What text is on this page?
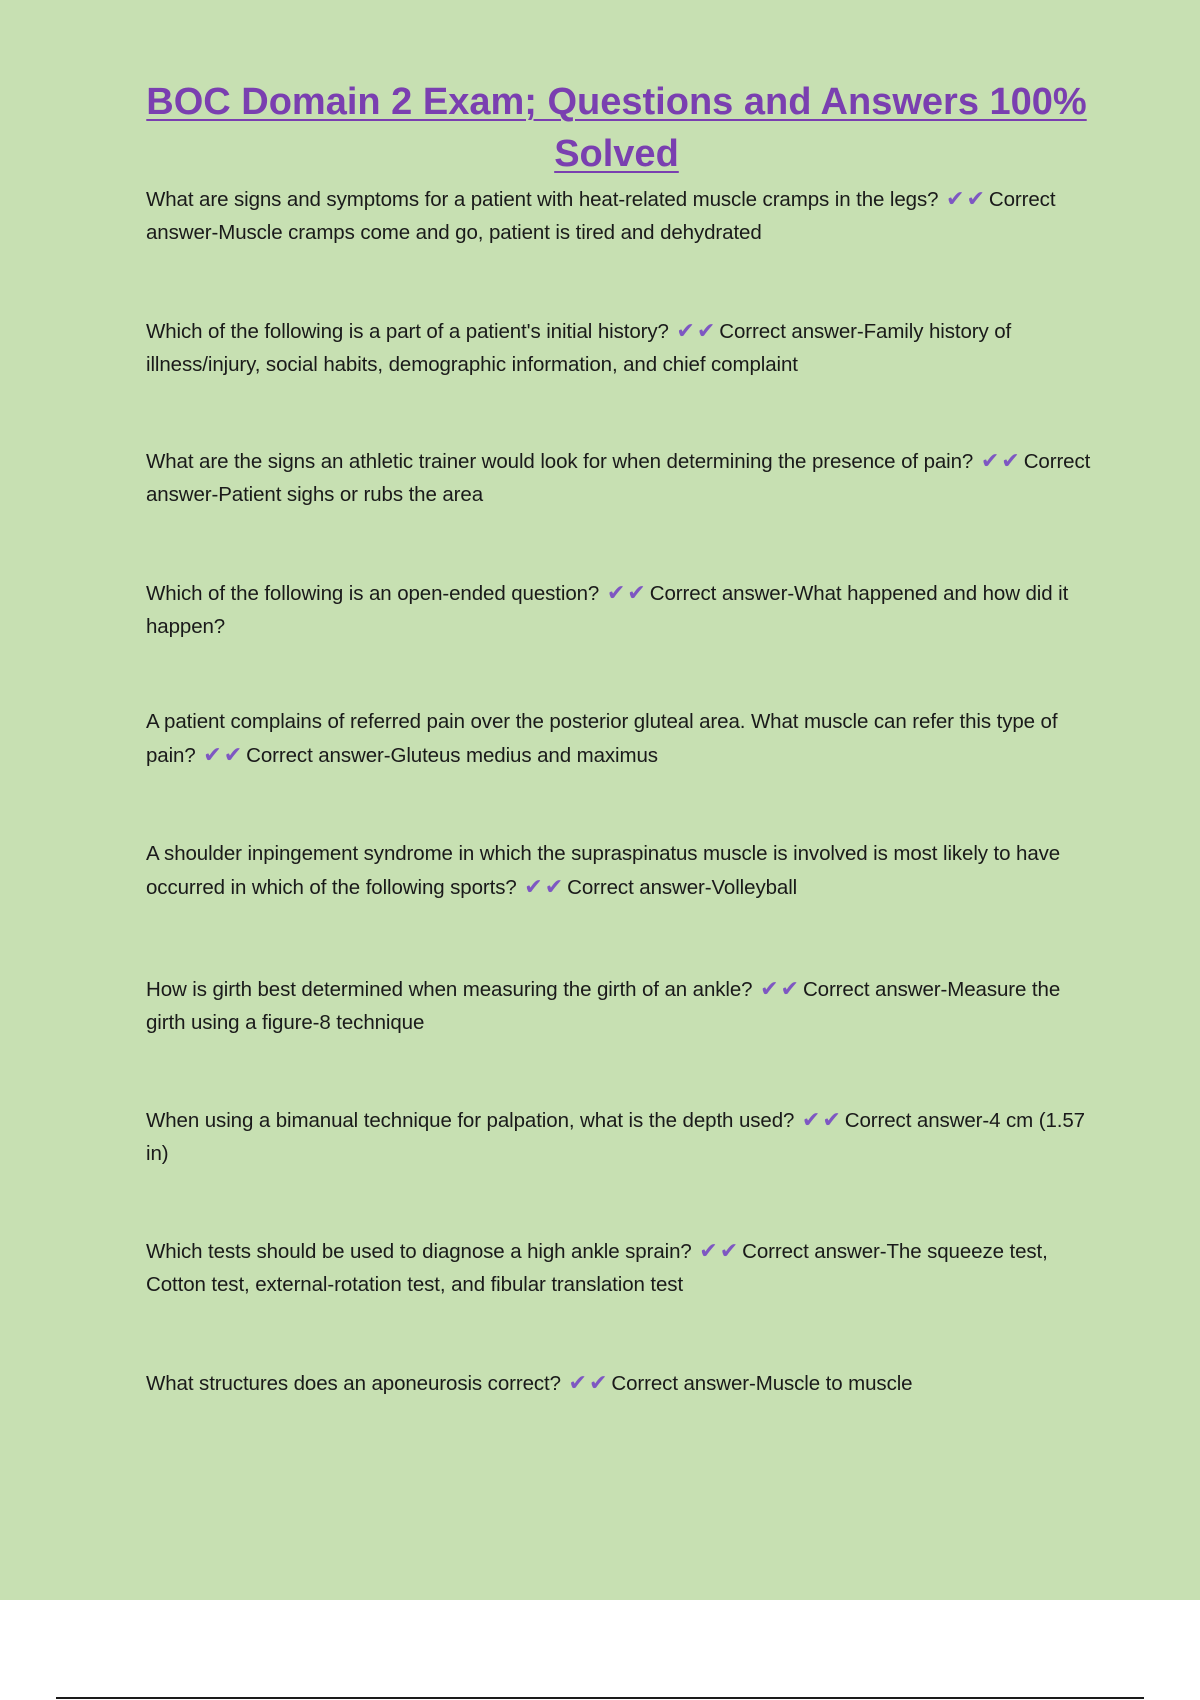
BOC Domain 2 Exam; Questions and Answers 100% Solved

What are signs and symptoms for a patient with heat-related muscle cramps in the legs? ✔✔Correct answer-Muscle cramps come and go, patient is tired and dehydrated

Which of the following is a part of a patient's initial history? ✔✔Correct answer-Family history of illness/injury, social habits, demographic information, and chief complaint

What are the signs an athletic trainer would look for when determining the presence of pain? ✔✔Correct answer-Patient sighs or rubs the area

Which of the following is an open-ended question? ✔✔Correct answer-What happened and how did it happen?

A patient complains of referred pain over the posterior gluteal area. What muscle can refer this type of pain? ✔✔Correct answer-Gluteus medius and maximus

A shoulder inpingement syndrome in which the supraspinatus muscle is involved is most likely to have occurred in which of the following sports? ✔✔Correct answer-Volleyball

How is girth best determined when measuring the girth of an ankle? ✔✔Correct answer-Measure the girth using a figure-8 technique

When using a bimanual technique for palpation, what is the depth used? ✔✔Correct answer-4 cm (1.57 in)

Which tests should be used to diagnose a high ankle sprain? ✔✔Correct answer-The squeeze test, Cotton test, external-rotation test, and fibular translation test

What structures does an aponeurosis correct? ✔✔Correct answer-Muscle to muscle
